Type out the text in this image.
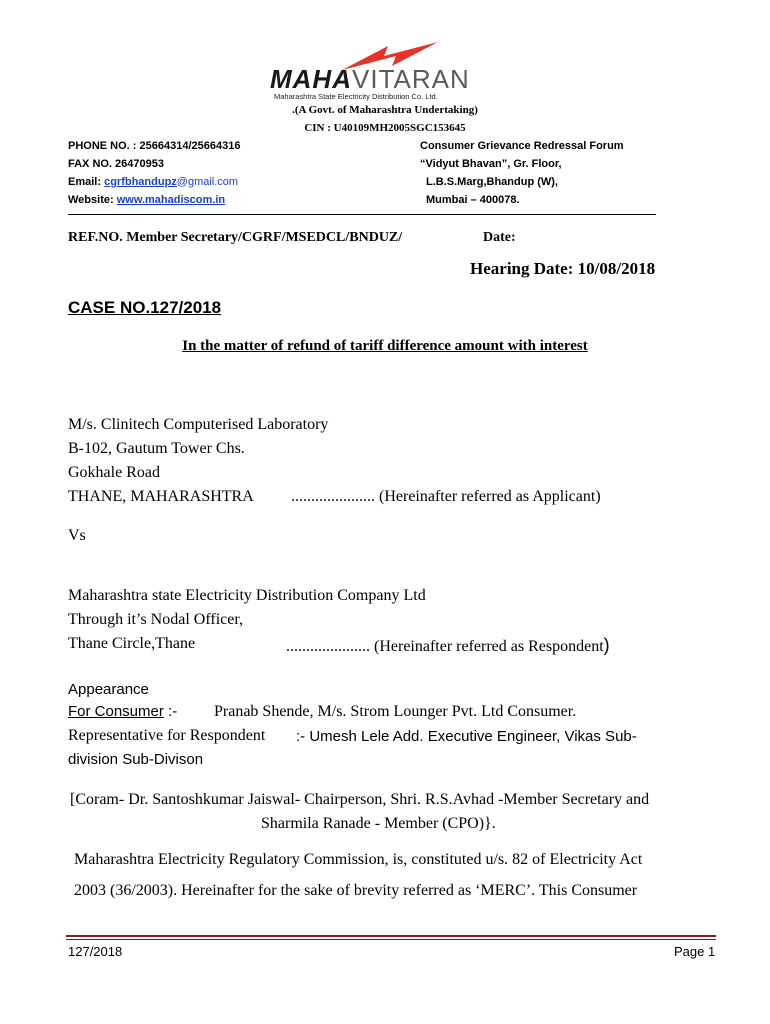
MAHAVITARAN
Maharashtra State Electricity Distribution Co. Ltd.
.(A Govt. of Maharashtra Undertaking)
CIN : U40109MH2005SGC153645
PHONE NO. : 25664314/25664316
FAX NO. 26470953
Email: cgrfbhandupz@gmail.com
Website: www.mahadiscom.in
Consumer Grievance Redressal Forum
“Vidyut Bhavan”, Gr. Floor,
L.B.S.Marg,Bhandup (W),
Mumbai – 400078.
REF.NO. Member Secretary/CGRF/MSEDCL/BNDUZ/	Date:
Hearing Date: 10/08/2018
CASE NO.127/2018
In the matter of refund of tariff difference amount with interest
M/s. Clinitech Computerised Laboratory
B-102, Gautum Tower Chs.
Gokhale Road
THANE, MAHARASHTRA ..................... (Hereinafter referred as Applicant)
Vs
Maharashtra state Electricity Distribution Company Ltd
Through it’s Nodal Officer,
Thane Circle,Thane	..................... (Hereinafter referred as Respondent)
Appearance
For Consumer :- Pranab Shende, M/s. Strom Lounger Pvt. Ltd Consumer.
Representative for Respondent :- Umesh Lele Add. Executive Engineer, Vikas Sub-
division Sub-Divison
[Coram- Dr. Santoshkumar Jaiswal- Chairperson, Shri. R.S.Avhad -Member Secretary and
Sharmila Ranade - Member (CPO)}.
Maharashtra Electricity Regulatory Commission, is, constituted u/s. 82 of Electricity Act
2003 (36/2003). Hereinafter for the sake of brevity referred as ‘MERC’. This Consumer
127/2018	Page 1
